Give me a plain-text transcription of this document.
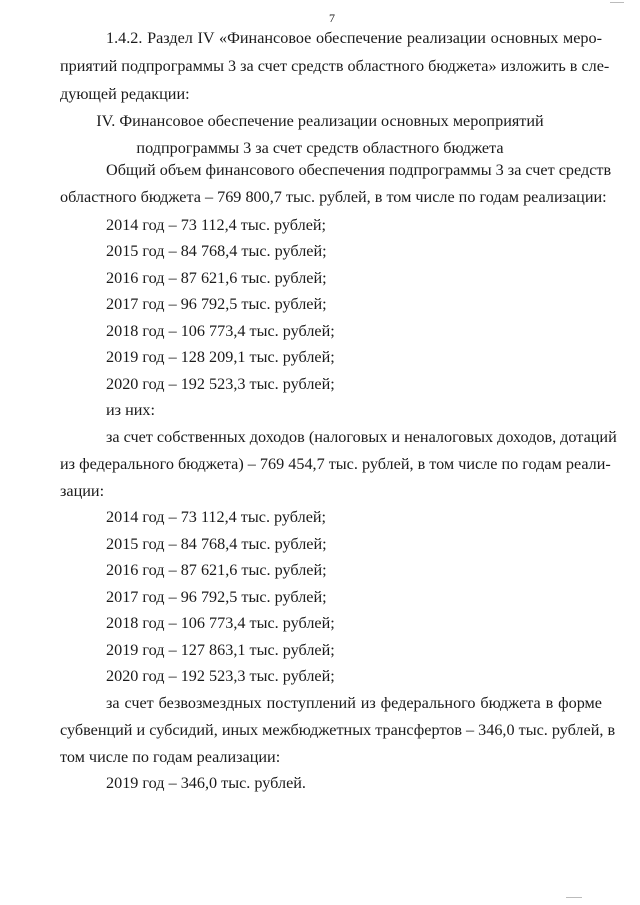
7
1.4.2. Раздел IV «Финансовое обеспечение реализации основных меро-
приятий подпрограммы 3 за счет средств областного бюджета» изложить в сле-
дующей редакции:
IV. Финансовое обеспечение реализации основных мероприятий
подпрограммы 3 за счет средств областного бюджета
Общий объем финансового обеспечения подпрограммы 3 за счет средств
областного бюджета – 769 800,7 тыс. рублей, в том числе по годам реализации:
2014 год – 73 112,4 тыс. рублей;
2015 год – 84 768,4 тыс. рублей;
2016 год – 87 621,6 тыс. рублей;
2017 год – 96 792,5 тыс. рублей;
2018 год – 106 773,4 тыс. рублей;
2019 год – 128 209,1 тыс. рублей;
2020 год – 192 523,3 тыс. рублей;
из них:
за счет собственных доходов (налоговых и неналоговых доходов, дотаций
из федерального бюджета) – 769 454,7 тыс. рублей, в том числе по годам реали-
зации:
2014 год – 73 112,4 тыс. рублей;
2015 год – 84 768,4 тыс. рублей;
2016 год – 87 621,6 тыс. рублей;
2017 год – 96 792,5 тыс. рублей;
2018 год – 106 773,4 тыс. рублей;
2019 год – 127 863,1 тыс. рублей;
2020 год – 192 523,3 тыс. рублей;
за счет безвозмездных поступлений из федерального бюджета в форме
субвенций и субсидий, иных межбюджетных трансфертов – 346,0 тыс. рублей, в
том числе по годам реализации:
2019 год – 346,0 тыс. рублей.
